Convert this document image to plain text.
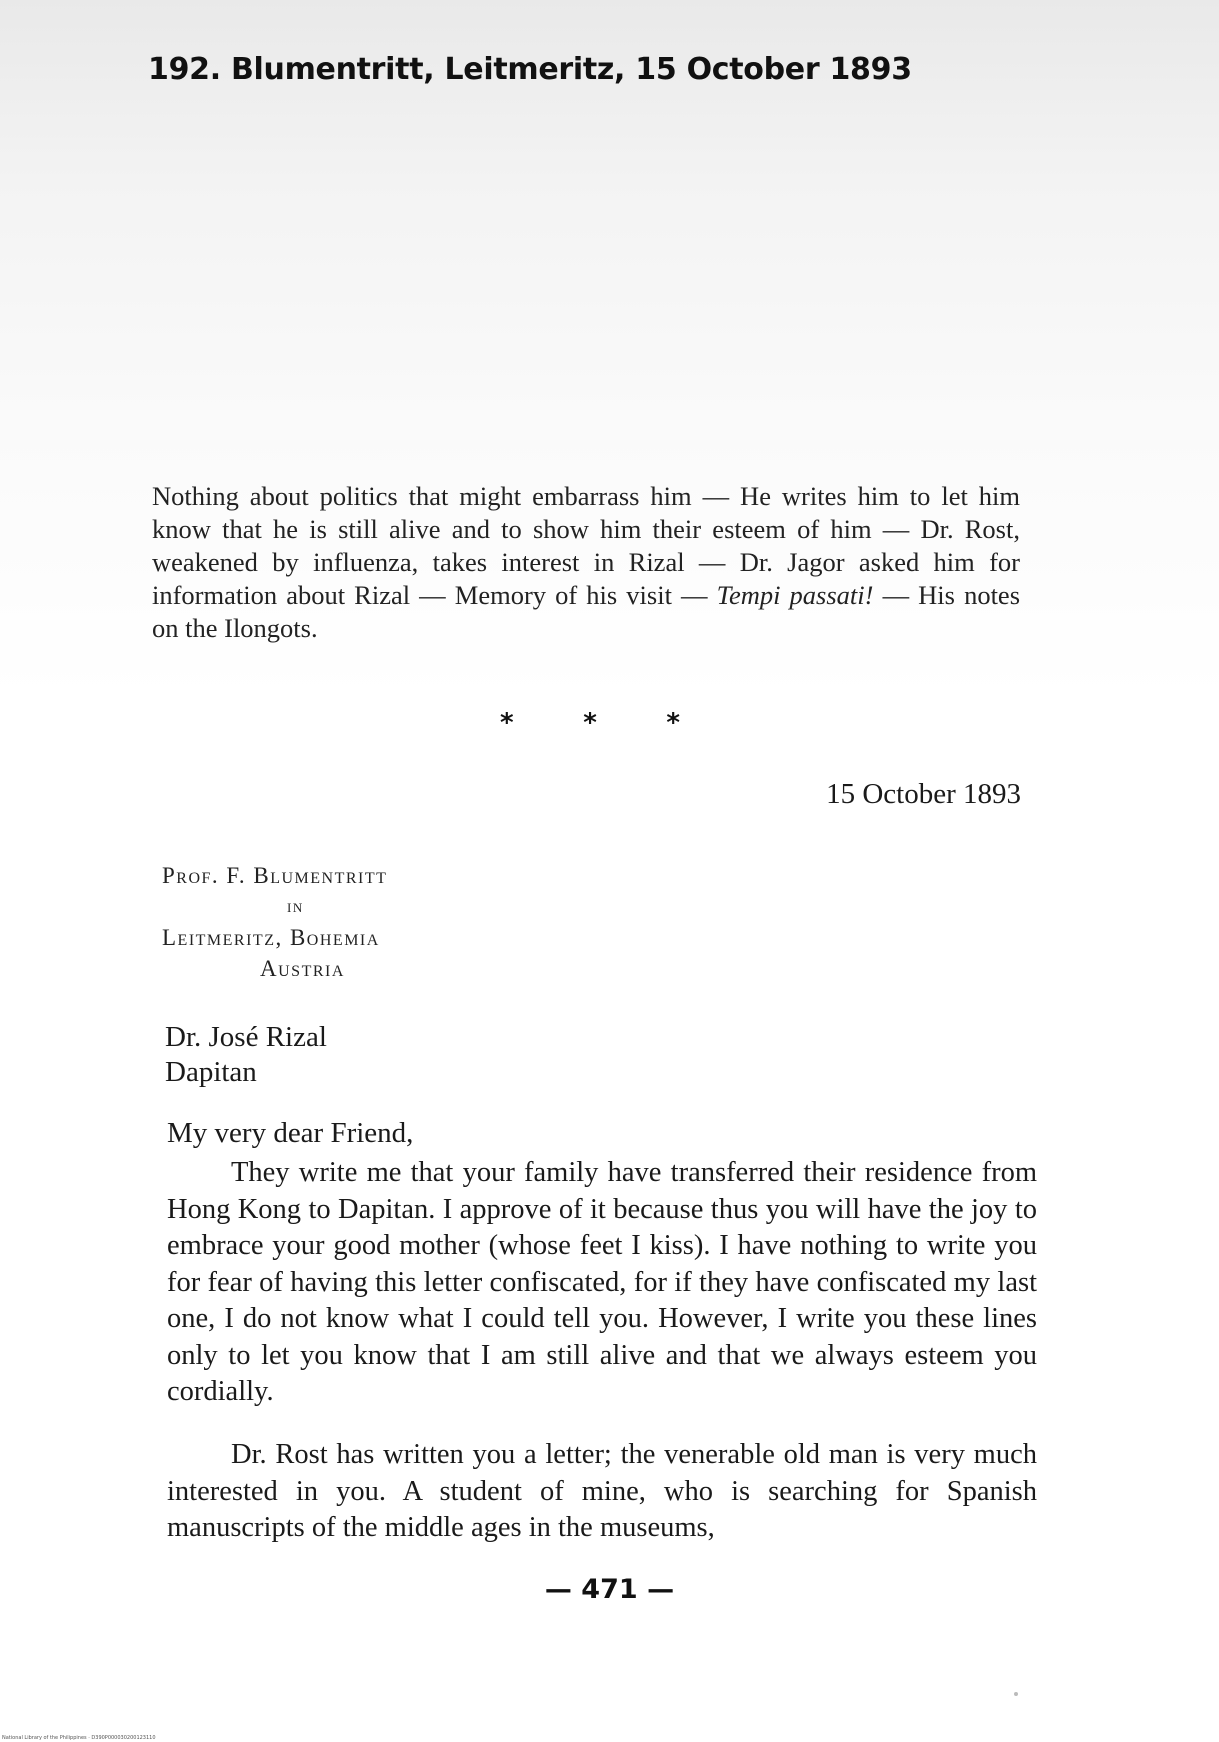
192. Blumentritt, Leitmeritz, 15 October 1893

Nothing about politics that might embarrass him — He writes him to let him know that he is still alive and to show him their esteem of him — Dr. Rost, weakened by influenza, takes interest in Rizal — Dr. Jagor asked him for information about Rizal — Memory of his visit — Tempi passati! — His notes on the Ilongots.

*	*	*
15 October 1893
Prof. F. Blumentritt
in
Leitmeritz, Bohemia
Austria
Dr. José Rizal
Dapitan
My very dear Friend,

They write me that your family have transferred their residence from Hong Kong to Dapitan. I approve of it because thus you will have the joy to embrace your good mother (whose feet I kiss). I have nothing to write you for fear of having this letter confiscated, for if they have confiscated my last one, I do not know what I could tell you. However, I write you these lines only to let you know that I am still alive and that we always esteem you cordially.

Dr. Rost has written you a letter; the venerable old man is very much interested in you. A student of mine, who is searching for Spanish manuscripts of the middle ages in the museums,

— 471 —
National Library of the Philippines · D390P000030200123110
